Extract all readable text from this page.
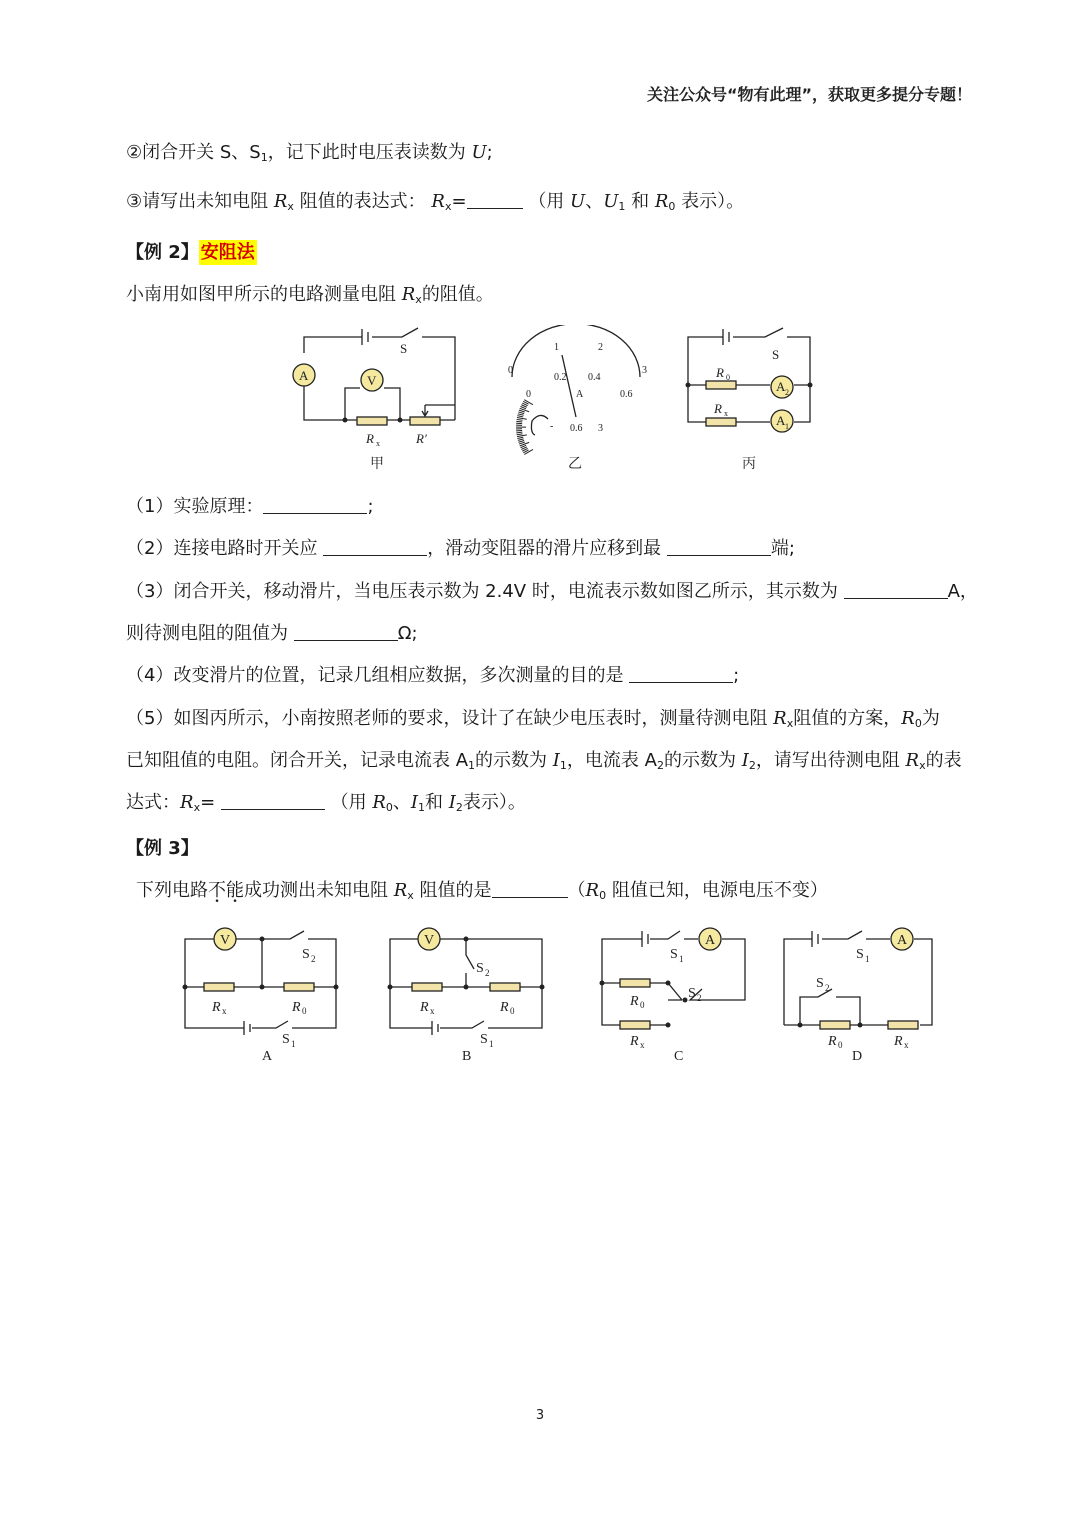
关注公众号“物有此理”，获取更多提分专题！
②闭合开关 S、$S_1$，记下此时电压表读数为 U;
③请写出未知电阻 $R_x$ 阻值的表达式： $R_x=$	（用 U、$U_1$ 和 $R_0$ 表示）。
【例 2】 安阻法
小南用如图甲所示的电路测量电阻 $R_x$的阻值。
A	V
S
R x	R′
甲
0
1	2
3
0
0.2 0.4
0.6
A
- 0.6 3
乙
S
R 0
R x
A 2
A 1
丙
（1）实验原理：	;
（2）连接电路时开关应	，滑动变阻器的滑片应移到最	端;
（3）闭合开关，移动滑片，当电压表示数为 2.4V 时，电流表示数如图乙所示，其示数为	A，
则待测电阻的阻值为	Ω;
（4）改变滑片的位置，记录几组相应数据，多次测量的目的是	;
（5）如图丙所示，小南按照老师的要求，设计了在缺少电压表时，测量待测电阻 $R_x$阻值的方案，$R_0$为
已知阻值的电阻。闭合开关，记录电流表 $A_1$的示数为 $I_1$，电流表 $A_2$的示数为 $I_2$，请写出待测电阻 $R_x$的表
达式：$R_x=$	（用 $R_0$、$I_1$和 $I_2$表示）。
【例 3】
下列电路不能成功测出未知电阻 $R_x$ 阻值的是	（$R_0$ 阻值已知，电源电压不变）
V	V	A	A
S 2
S 1
R x	R 0
A
S 2
S 1
R x	R 0
B
S 1
S 2
R 0
R x
C
S 1
S 2
R 0	R x
D
3
